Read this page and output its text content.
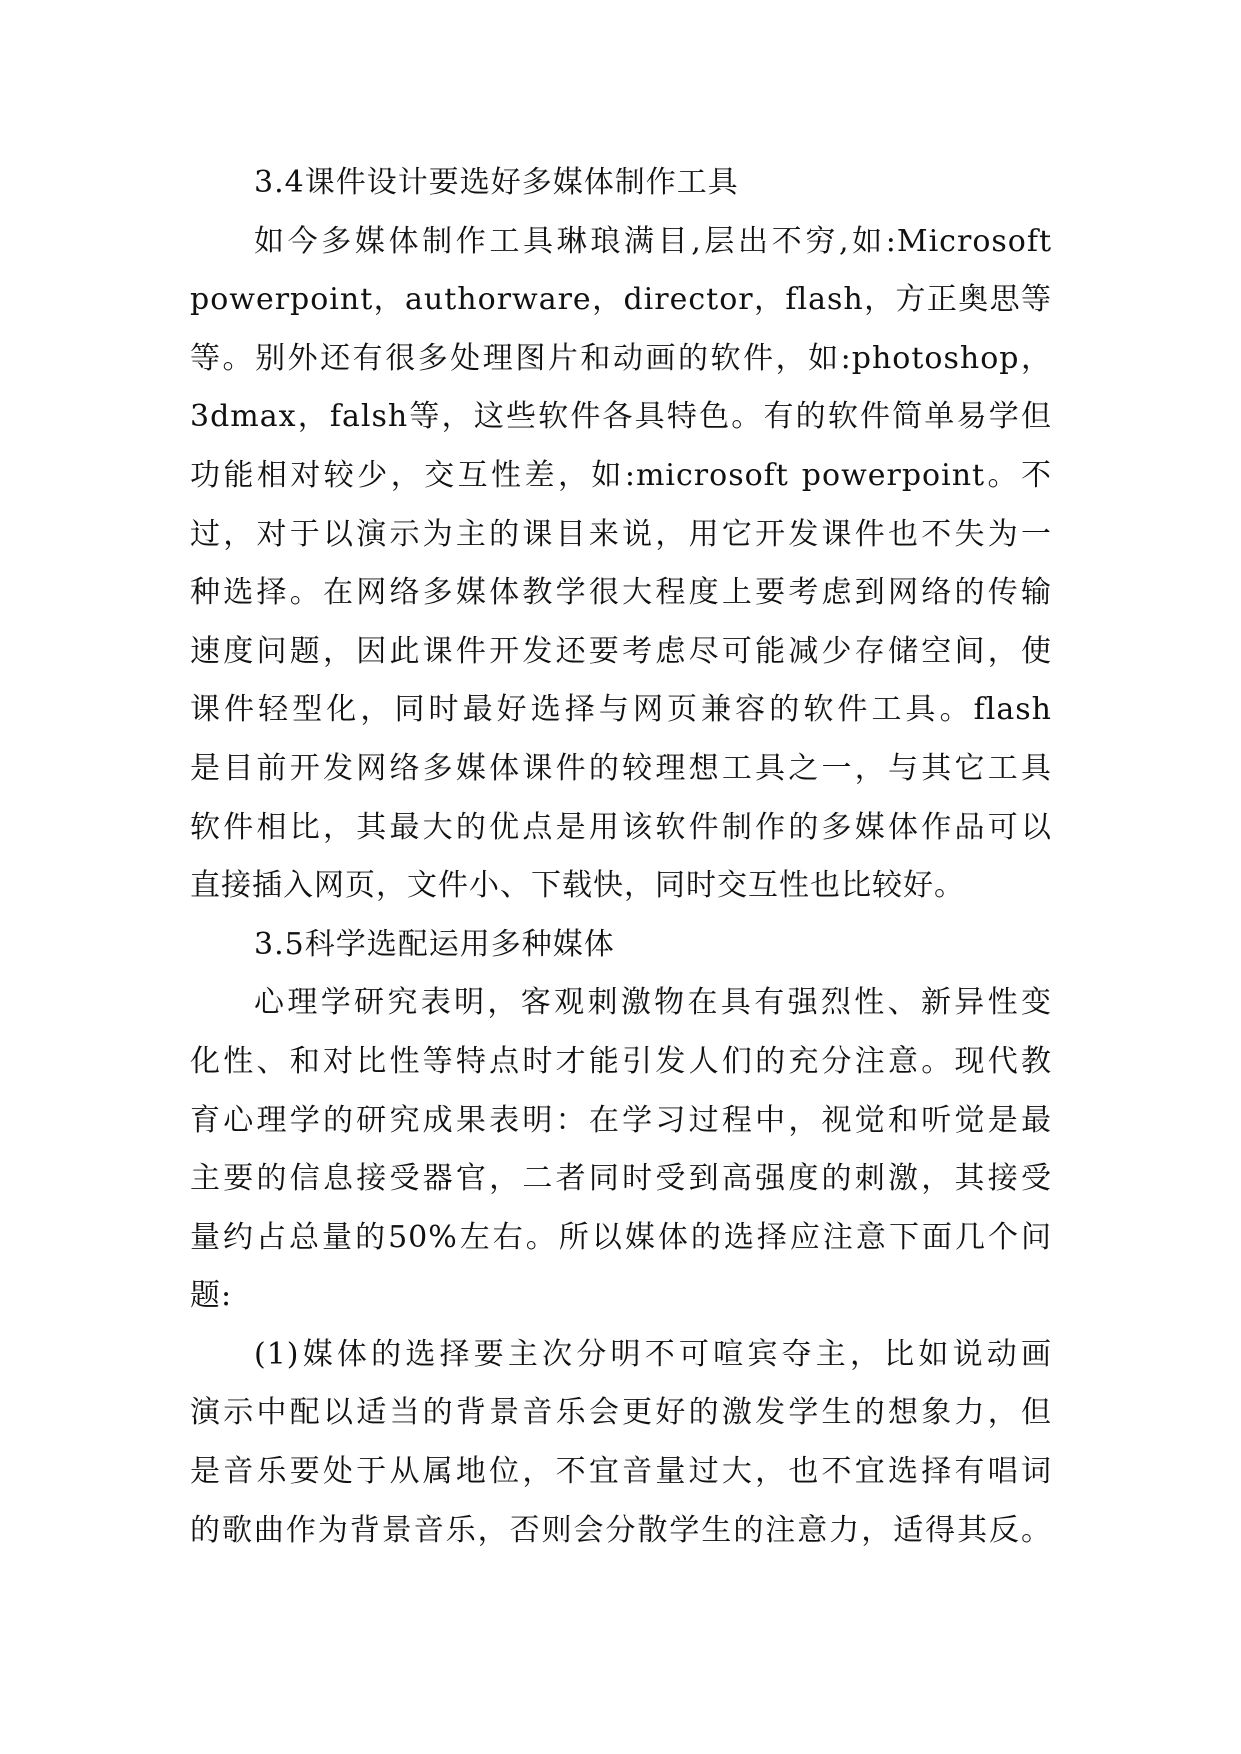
3.4课件设计要选好多媒体制作工具
如今多媒体制作工具琳琅满目,层出不穷,如:Microsoft
powerpoint，authorware，director，flash，方正奥思等
等。别外还有很多处理图片和动画的软件，如:photoshop，
3dmax，falsh等，这些软件各具特色。有的软件简单易学但
功能相对较少，交互性差，如:microsoft powerpoint。不
过，对于以演示为主的课目来说，用它开发课件也不失为一
种选择。在网络多媒体教学很大程度上要考虑到网络的传输
速度问题，因此课件开发还要考虑尽可能减少存储空间，使
课件轻型化，同时最好选择与网页兼容的软件工具。flash
是目前开发网络多媒体课件的较理想工具之一，与其它工具
软件相比，其最大的优点是用该软件制作的多媒体作品可以
直接插入网页，文件小、下载快，同时交互性也比较好。
3.5科学选配运用多种媒体
心理学研究表明，客观刺激物在具有强烈性、新异性变
化性、和对比性等特点时才能引发人们的充分注意。现代教
育心理学的研究成果表明：在学习过程中，视觉和听觉是最
主要的信息接受器官，二者同时受到高强度的刺激，其接受
量约占总量的50%左右。所以媒体的选择应注意下面几个问
题:
(1)媒体的选择要主次分明不可喧宾夺主，比如说动画
演示中配以适当的背景音乐会更好的激发学生的想象力，但
是音乐要处于从属地位，不宜音量过大，也不宜选择有唱词
的歌曲作为背景音乐，否则会分散学生的注意力，适得其反。
